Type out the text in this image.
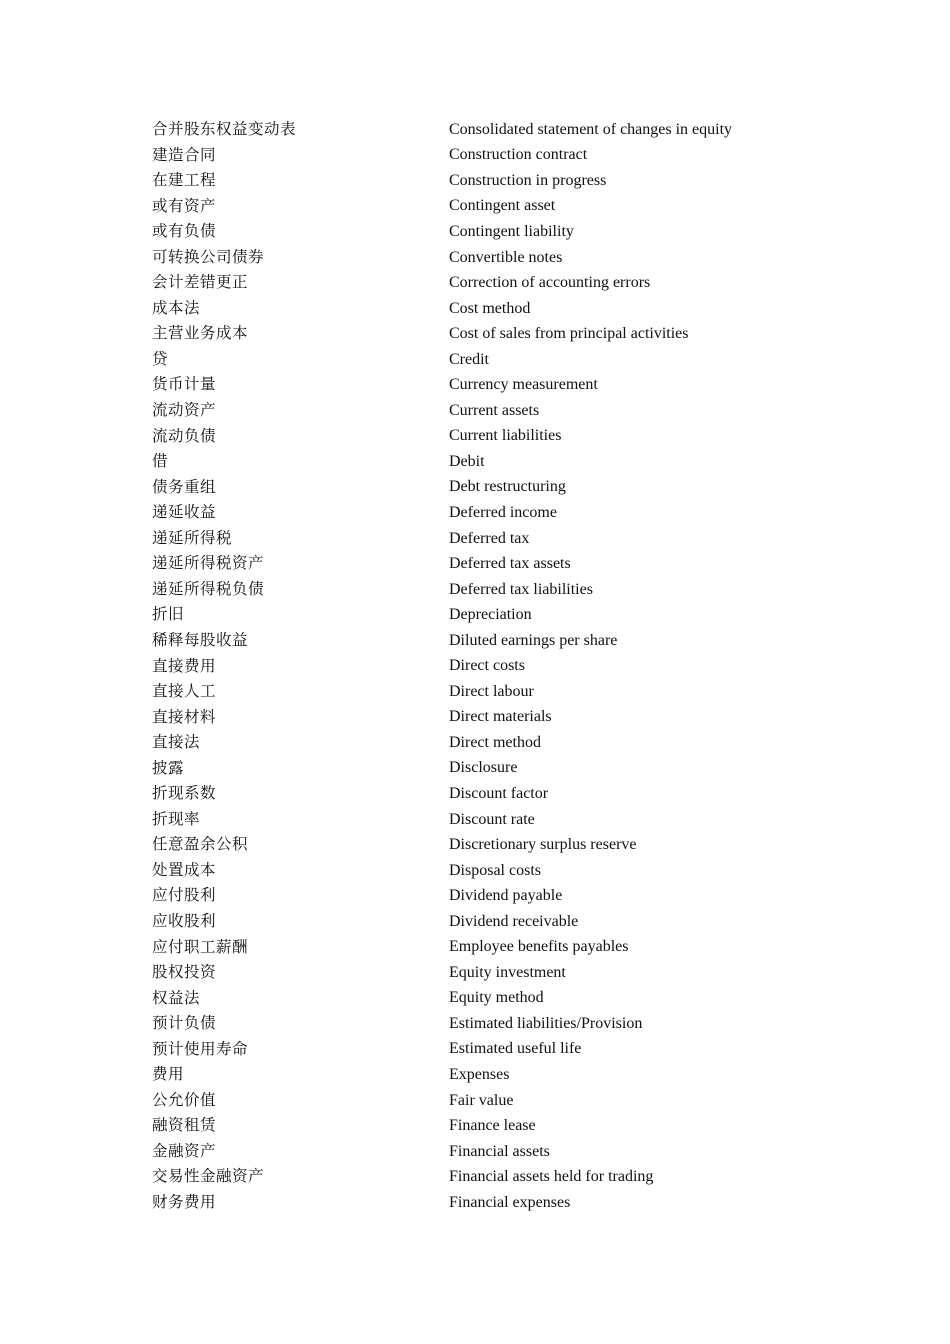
合并股东权益变动表	Consolidated statement of changes in equity
建造合同	Construction contract
在建工程	Construction in progress
或有资产	Contingent asset
或有负债	Contingent liability
可转换公司债券	Convertible notes
会计差错更正	Correction of accounting errors
成本法	Cost method
主营业务成本	Cost of sales from principal activities
贷	Credit
货币计量	Currency measurement
流动资产	Current assets
流动负债	Current liabilities
借	Debit
债务重组	Debt restructuring
递延收益	Deferred income
递延所得税	Deferred tax
递延所得税资产	Deferred tax assets
递延所得税负债	Deferred tax liabilities
折旧	Depreciation
稀释每股收益	Diluted earnings per share
直接费用	Direct costs
直接人工	Direct labour
直接材料	Direct materials
直接法	Direct method
披露	Disclosure
折现系数	Discount factor
折现率	Discount rate
任意盈余公积	Discretionary surplus reserve
处置成本	Disposal costs
应付股利	Dividend payable
应收股利	Dividend receivable
应付职工薪酬	Employee benefits payables
股权投资	Equity investment
权益法	Equity method
预计负债	Estimated liabilities/Provision
预计使用寿命	Estimated useful life
费用	Expenses
公允价值	Fair value
融资租赁	Finance lease
金融资产	Financial assets
交易性金融资产	Financial assets held for trading
财务费用	Financial expenses
